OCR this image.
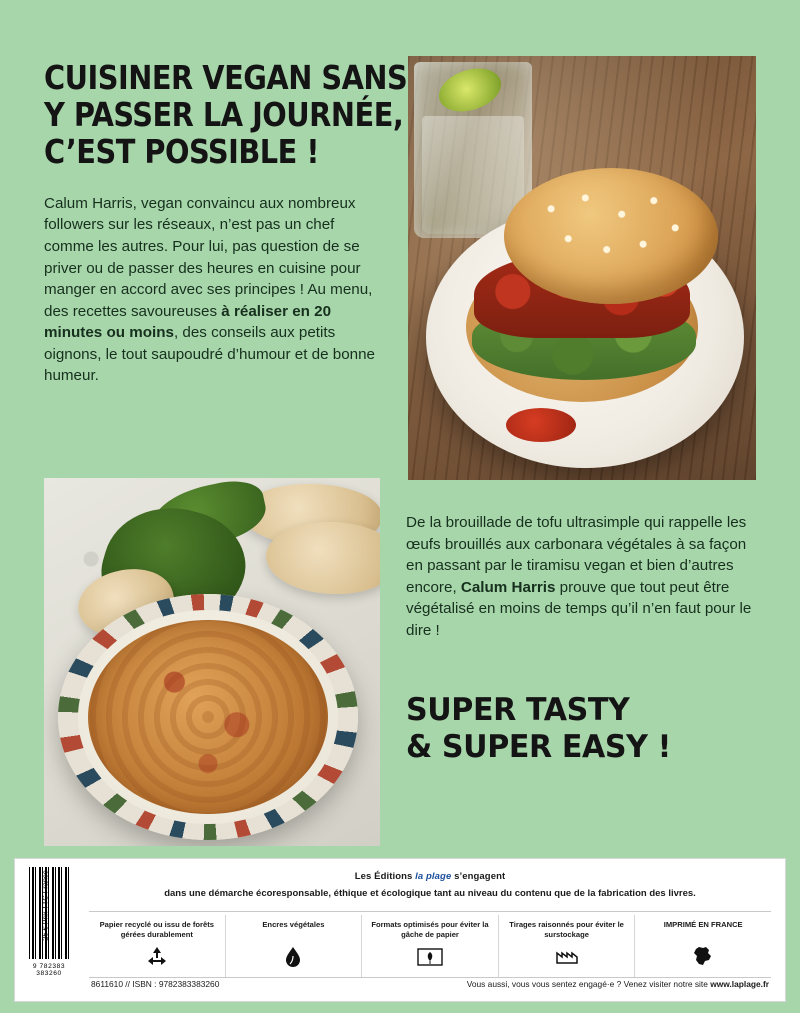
CUISINER VEGAN SANS
Y PASSER LA JOURNÉE,
C’EST POSSIBLE !

Calum Harris, vegan convaincu aux nombreux followers sur les réseaux, n’est pas un chef comme les autres. Pour lui, pas question de se priver ou de passer des heures en cuisine pour manger en accord avec ses principes ! Au menu, des recettes savoureuses à réaliser en 20 minutes ou moins, des conseils aux petits oignons, le tout saupoudré d’humour et de bonne humeur.

De la brouillade de tofu ultrasimple qui rappelle les œufs brouillés aux carbonara végétales à sa façon en passant par le tiramisu vegan et bien d’autres encore, Calum Harris prouve que tout peut être végétalisé en moins de temps qu’il n’en faut pour le dire !

SUPER TASTY
& SUPER EASY !
9 782383 383260
25 € Prix TTC France	Les Éditions la plage s’engagent
dans une démarche écoresponsable, éthique et écologique tant au niveau du contenu que de la fabrication des livres.
Papier recyclé ou issu de forêts gérées durablement
Encres végétales	Formats optimisés pour éviter la gâche de papier
Tirages raisonnés pour éviter le surstockage
IMPRIMÉ EN FRANCE
8611610 // ISBN : 9782383383260	Vous aussi, vous vous sentez engagé·e ? Venez visiter notre site www.laplage.fr
